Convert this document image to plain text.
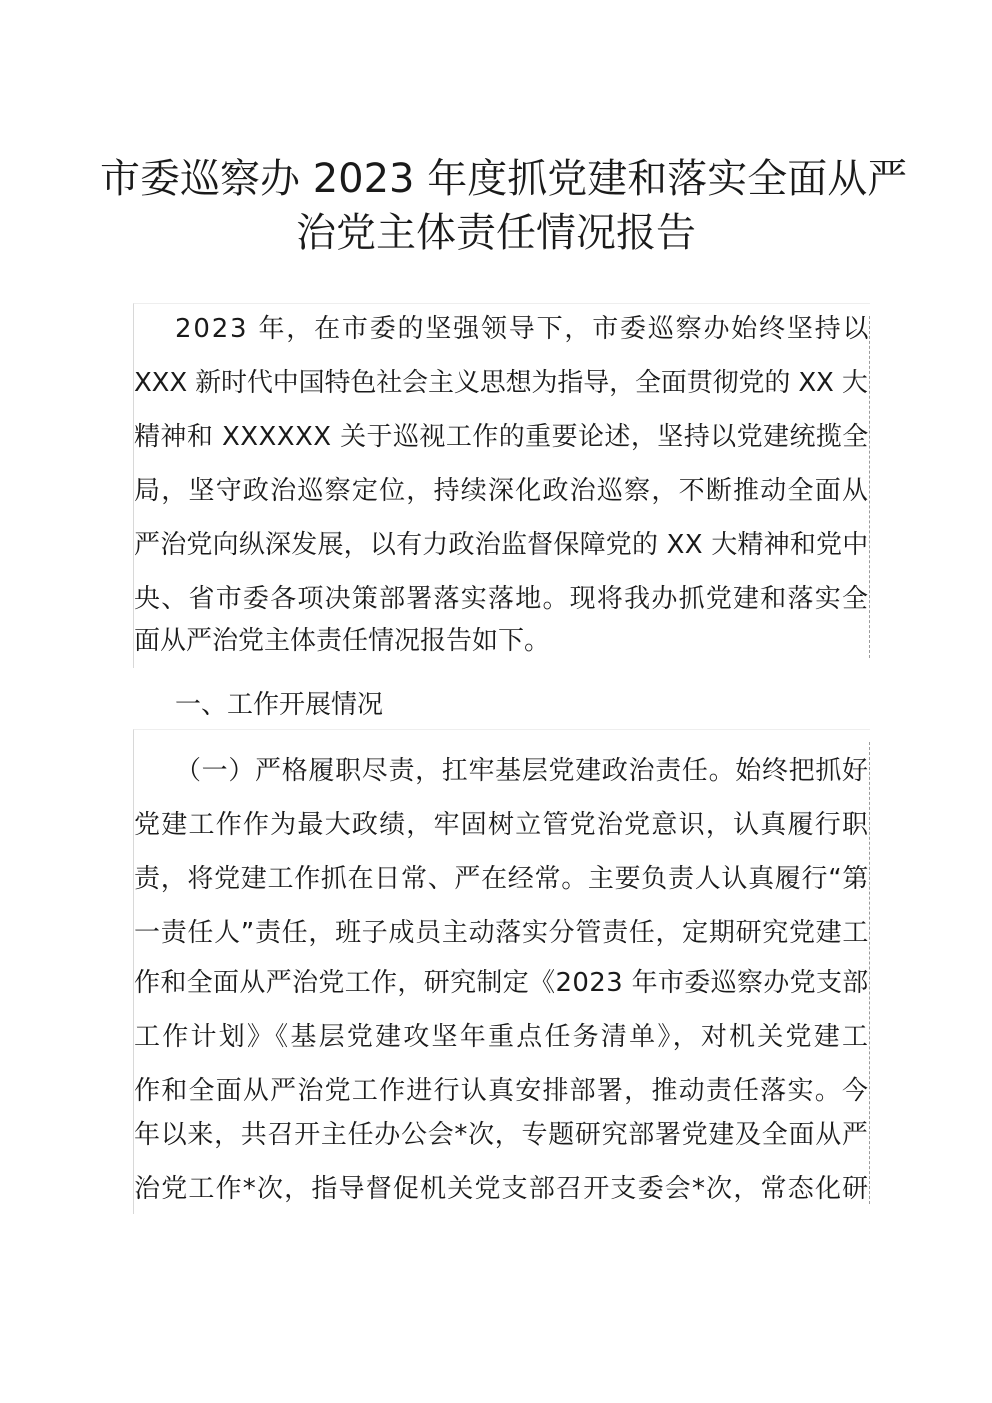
市委巡察办 2023 年度抓党建和落实全面从严
治党主体责任情况报告
2023 年，在市委的坚强领导下，市委巡察办始终坚持以
XXX 新时代中国特色社会主义思想为指导，全面贯彻党的 XX 大
精神和 XXXXXX 关于巡视工作的重要论述，坚持以党建统揽全
局，坚守政治巡察定位，持续深化政治巡察，不断推动全面从
严治党向纵深发展，以有力政治监督保障党的 XX 大精神和党中
央、省市委各项决策部署落实落地。现将我办抓党建和落实全
面从严治党主体责任情况报告如下。
一、工作开展情况
（一）严格履职尽责，扛牢基层党建政治责任。始终把抓好
党建工作作为最大政绩，牢固树立管党治党意识，认真履行职
责，将党建工作抓在日常、严在经常。主要负责人认真履行“第
一责任人”责任，班子成员主动落实分管责任，定期研究党建工
作和全面从严治党工作，研究制定《2023 年市委巡察办党支部
工作计划》《基层党建攻坚年重点任务清单》，对机关党建工
作和全面从严治党工作进行认真安排部署，推动责任落实。今
年以来，共召开主任办公会*次，专题研究部署党建及全面从严
治党工作*次，指导督促机关党支部召开支委会*次，常态化研
